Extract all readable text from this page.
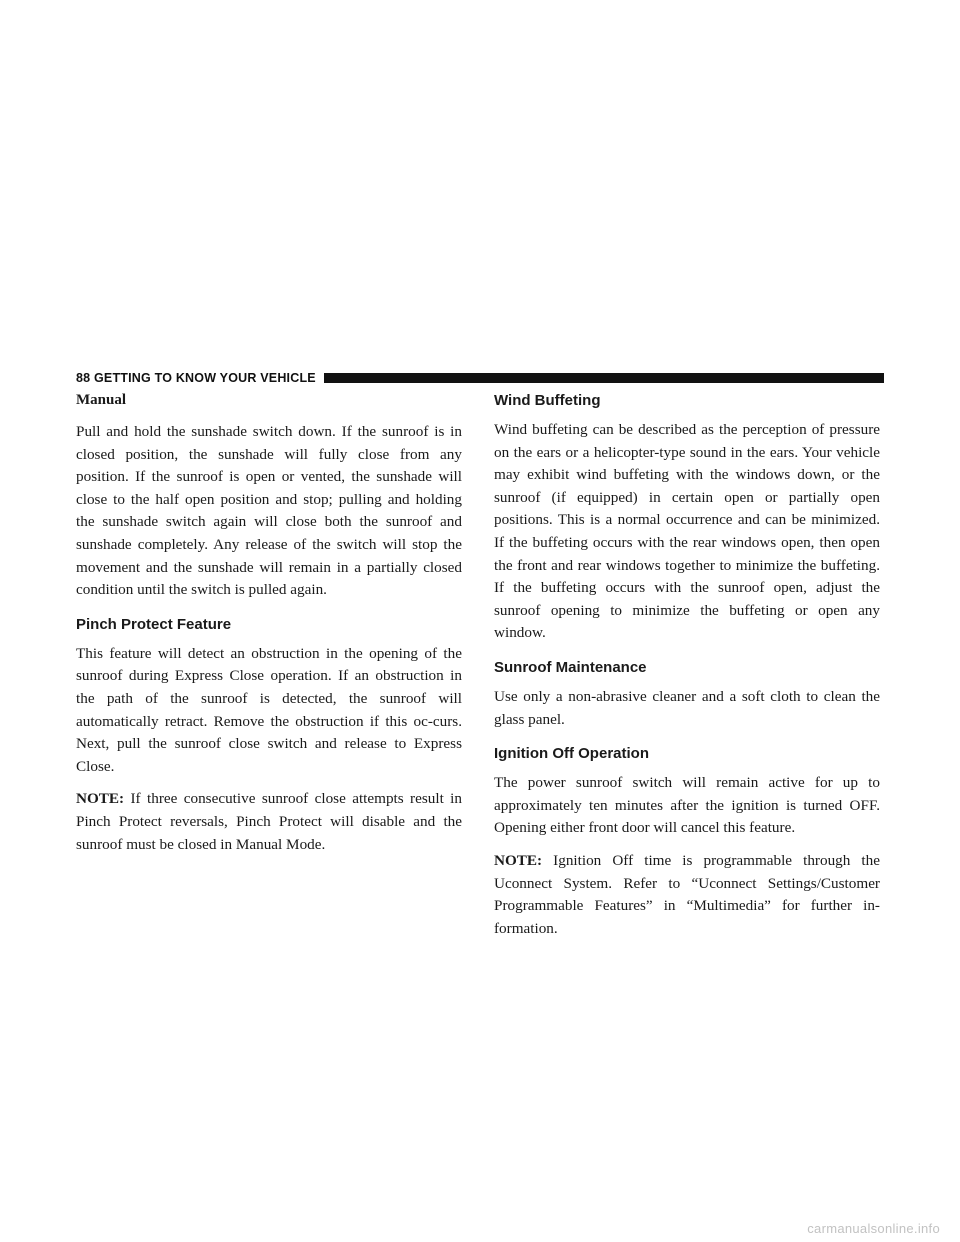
88 GETTING TO KNOW YOUR VEHICLE
Manual

Pull and hold the sunshade switch down. If the sunroof is in closed position, the sunshade will fully close from any position. If the sunroof is open or vented, the sunshade will close to the half open position and stop; pulling and holding the sunshade switch again will close both the sunroof and sunshade completely. Any release of the switch will stop the movement and the sunshade will remain in a partially closed condition until the switch is pulled again.

Pinch Protect Feature

This feature will detect an obstruction in the opening of the sunroof during Express Close operation. If an obstruction in the path of the sunroof is detected, the sunroof will automatically retract. Remove the obstruction if this oc-curs. Next, pull the sunroof close switch and release to Express Close.

NOTE: If three consecutive sunroof close attempts result in Pinch Protect reversals, Pinch Protect will disable and the sunroof must be closed in Manual Mode.

Wind Buffeting

Wind buffeting can be described as the perception of pressure on the ears or a helicopter-type sound in the ears. Your vehicle may exhibit wind buffeting with the windows down, or the sunroof (if equipped) in certain open or partially open positions. This is a normal occurrence and can be minimized. If the buffeting occurs with the rear windows open, then open the front and rear windows together to minimize the buffeting. If the buffeting occurs with the sunroof open, adjust the sunroof opening to minimize the buffeting or open any window.

Sunroof Maintenance

Use only a non-abrasive cleaner and a soft cloth to clean the glass panel.

Ignition Off Operation

The power sunroof switch will remain active for up to approximately ten minutes after the ignition is turned OFF. Opening either front door will cancel this feature.

NOTE: Ignition Off time is programmable through the Uconnect System. Refer to “Uconnect Settings/Customer Programmable Features” in “Multimedia” for further in-formation.

carmanualsonline.info
